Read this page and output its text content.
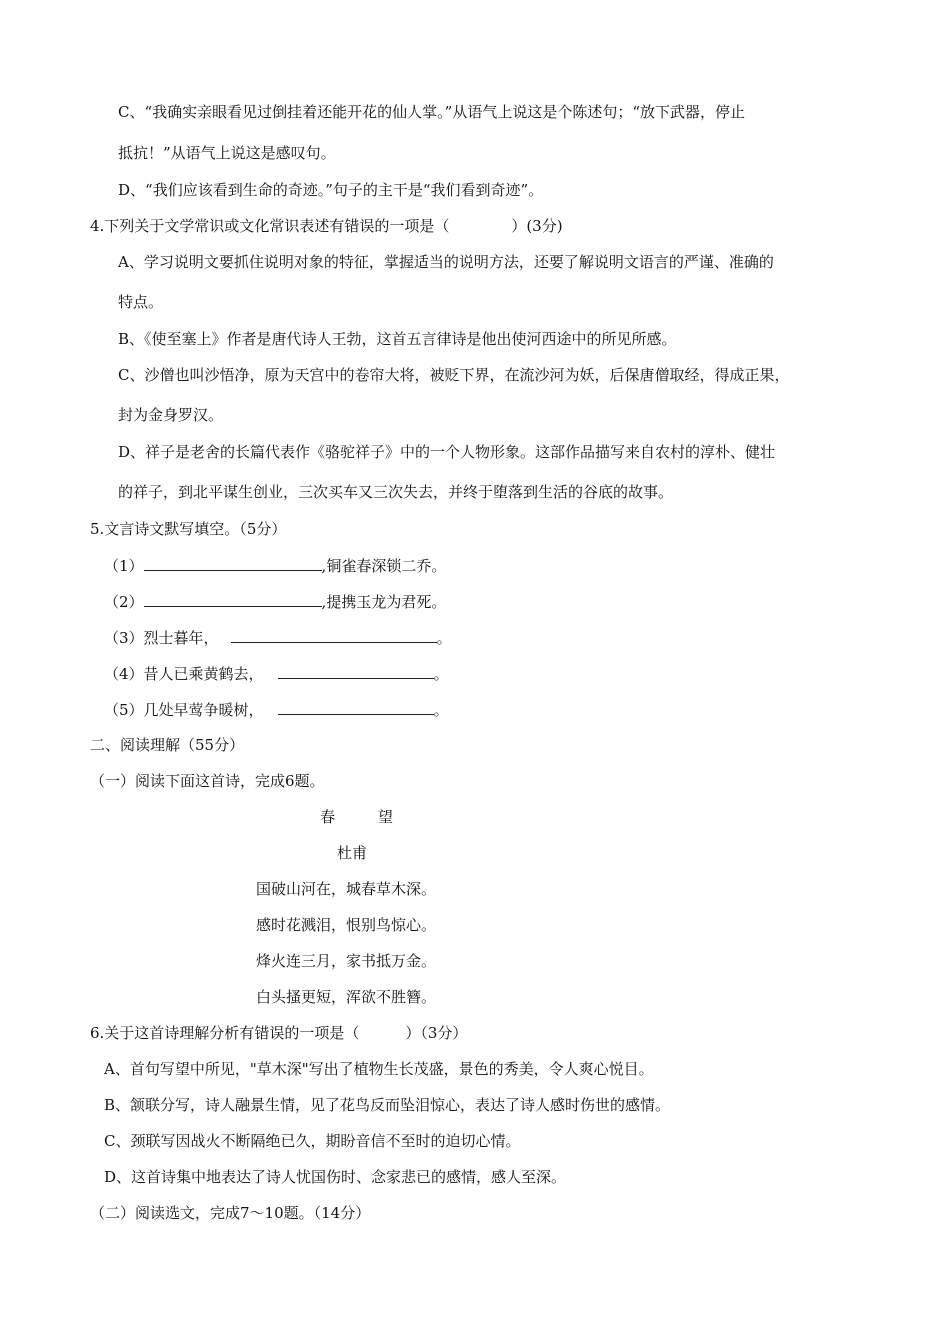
C、“我确实亲眼看见过倒挂着还能开花的仙人掌。”从语气上说这是个陈述句；“放下武器，停止
抵抗！”从语气上说这是感叹句。
D、“我们应该看到生命的奇迹。”句子的主干是“我们看到奇迹”。
4.下列关于文学常识或文化常识表述有错误的一项是（	）(3分)
A、学习说明文要抓住说明对象的特征，掌握适当的说明方法，还要了解说明文语言的严谨、准确的
特点。
B、《使至塞上》作者是唐代诗人王勃，这首五言律诗是他出使河西途中的所见所感。
C、沙僧也叫沙悟净，原为天宫中的卷帘大将，被贬下界，在流沙河为妖，后保唐僧取经，得成正果，
封为金身罗汉。
D、祥子是老舍的长篇代表作《骆驼祥子》中的一个人物形象。这部作品描写来自农村的淳朴、健壮
的祥子，到北平谋生创业，三次买车又三次失去，并终于堕落到生活的谷底的故事。
5.文言诗文默写填空。（5分）
（1）	,铜雀春深锁二乔。
（2）	,提携玉龙为君死。
（3）烈士暮年，	。
（4）昔人已乘黄鹤去，	。
（5）几处早莺争暖树，	。
二、阅读理解（55分）
（一）阅读下面这首诗，完成6题。
春	望
杜甫
国破山河在，城春草木深。
感时花溅泪，恨别鸟惊心。
烽火连三月，家书抵万金。
白头搔更短，浑欲不胜簪。
6.关于这首诗理解分析有错误的一项是（	）（3分）
A、首句写望中所见，"草木深"写出了植物生长茂盛，景色的秀美，令人爽心悦目。
B、颔联分写，诗人融景生情，见了花鸟反而坠泪惊心，表达了诗人感时伤世的感情。
C、颈联写因战火不断隔绝已久，期盼音信不至时的迫切心情。
D、这首诗集中地表达了诗人忧国伤时、念家悲已的感情，感人至深。
（二）阅读选文，完成7～10题。（14分）
